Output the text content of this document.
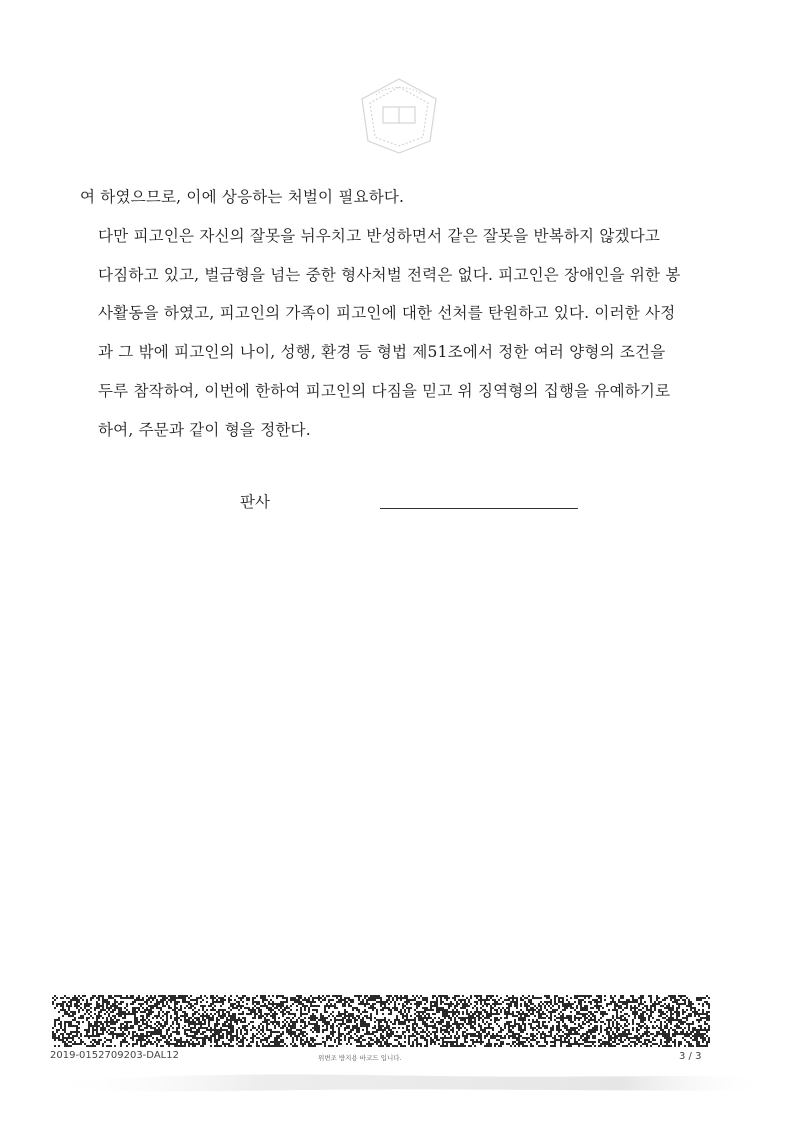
여 하였으므로, 이에 상응하는 처벌이 필요하다.

다만 피고인은 자신의 잘못을 뉘우치고 반성하면서 같은 잘못을 반복하지 않겠다고
다짐하고 있고, 벌금형을 넘는 중한 형사처벌 전력은 없다. 피고인은 장애인을 위한 봉
사활동을 하였고, 피고인의 가족이 피고인에 대한 선처를 탄원하고 있다. 이러한 사정
과 그 밖에 피고인의 나이, 성행, 환경 등 형법 제51조에서 정한 여러 양형의 조건을
두루 참작하여, 이번에 한하여 피고인의 다짐을 믿고 위 징역형의 집행을 유예하기로
하여, 주문과 같이 형을 정한다.

판사
2019-0152709203-DAL12	위변조 방지용 바코드 입니다.	3 / 3
